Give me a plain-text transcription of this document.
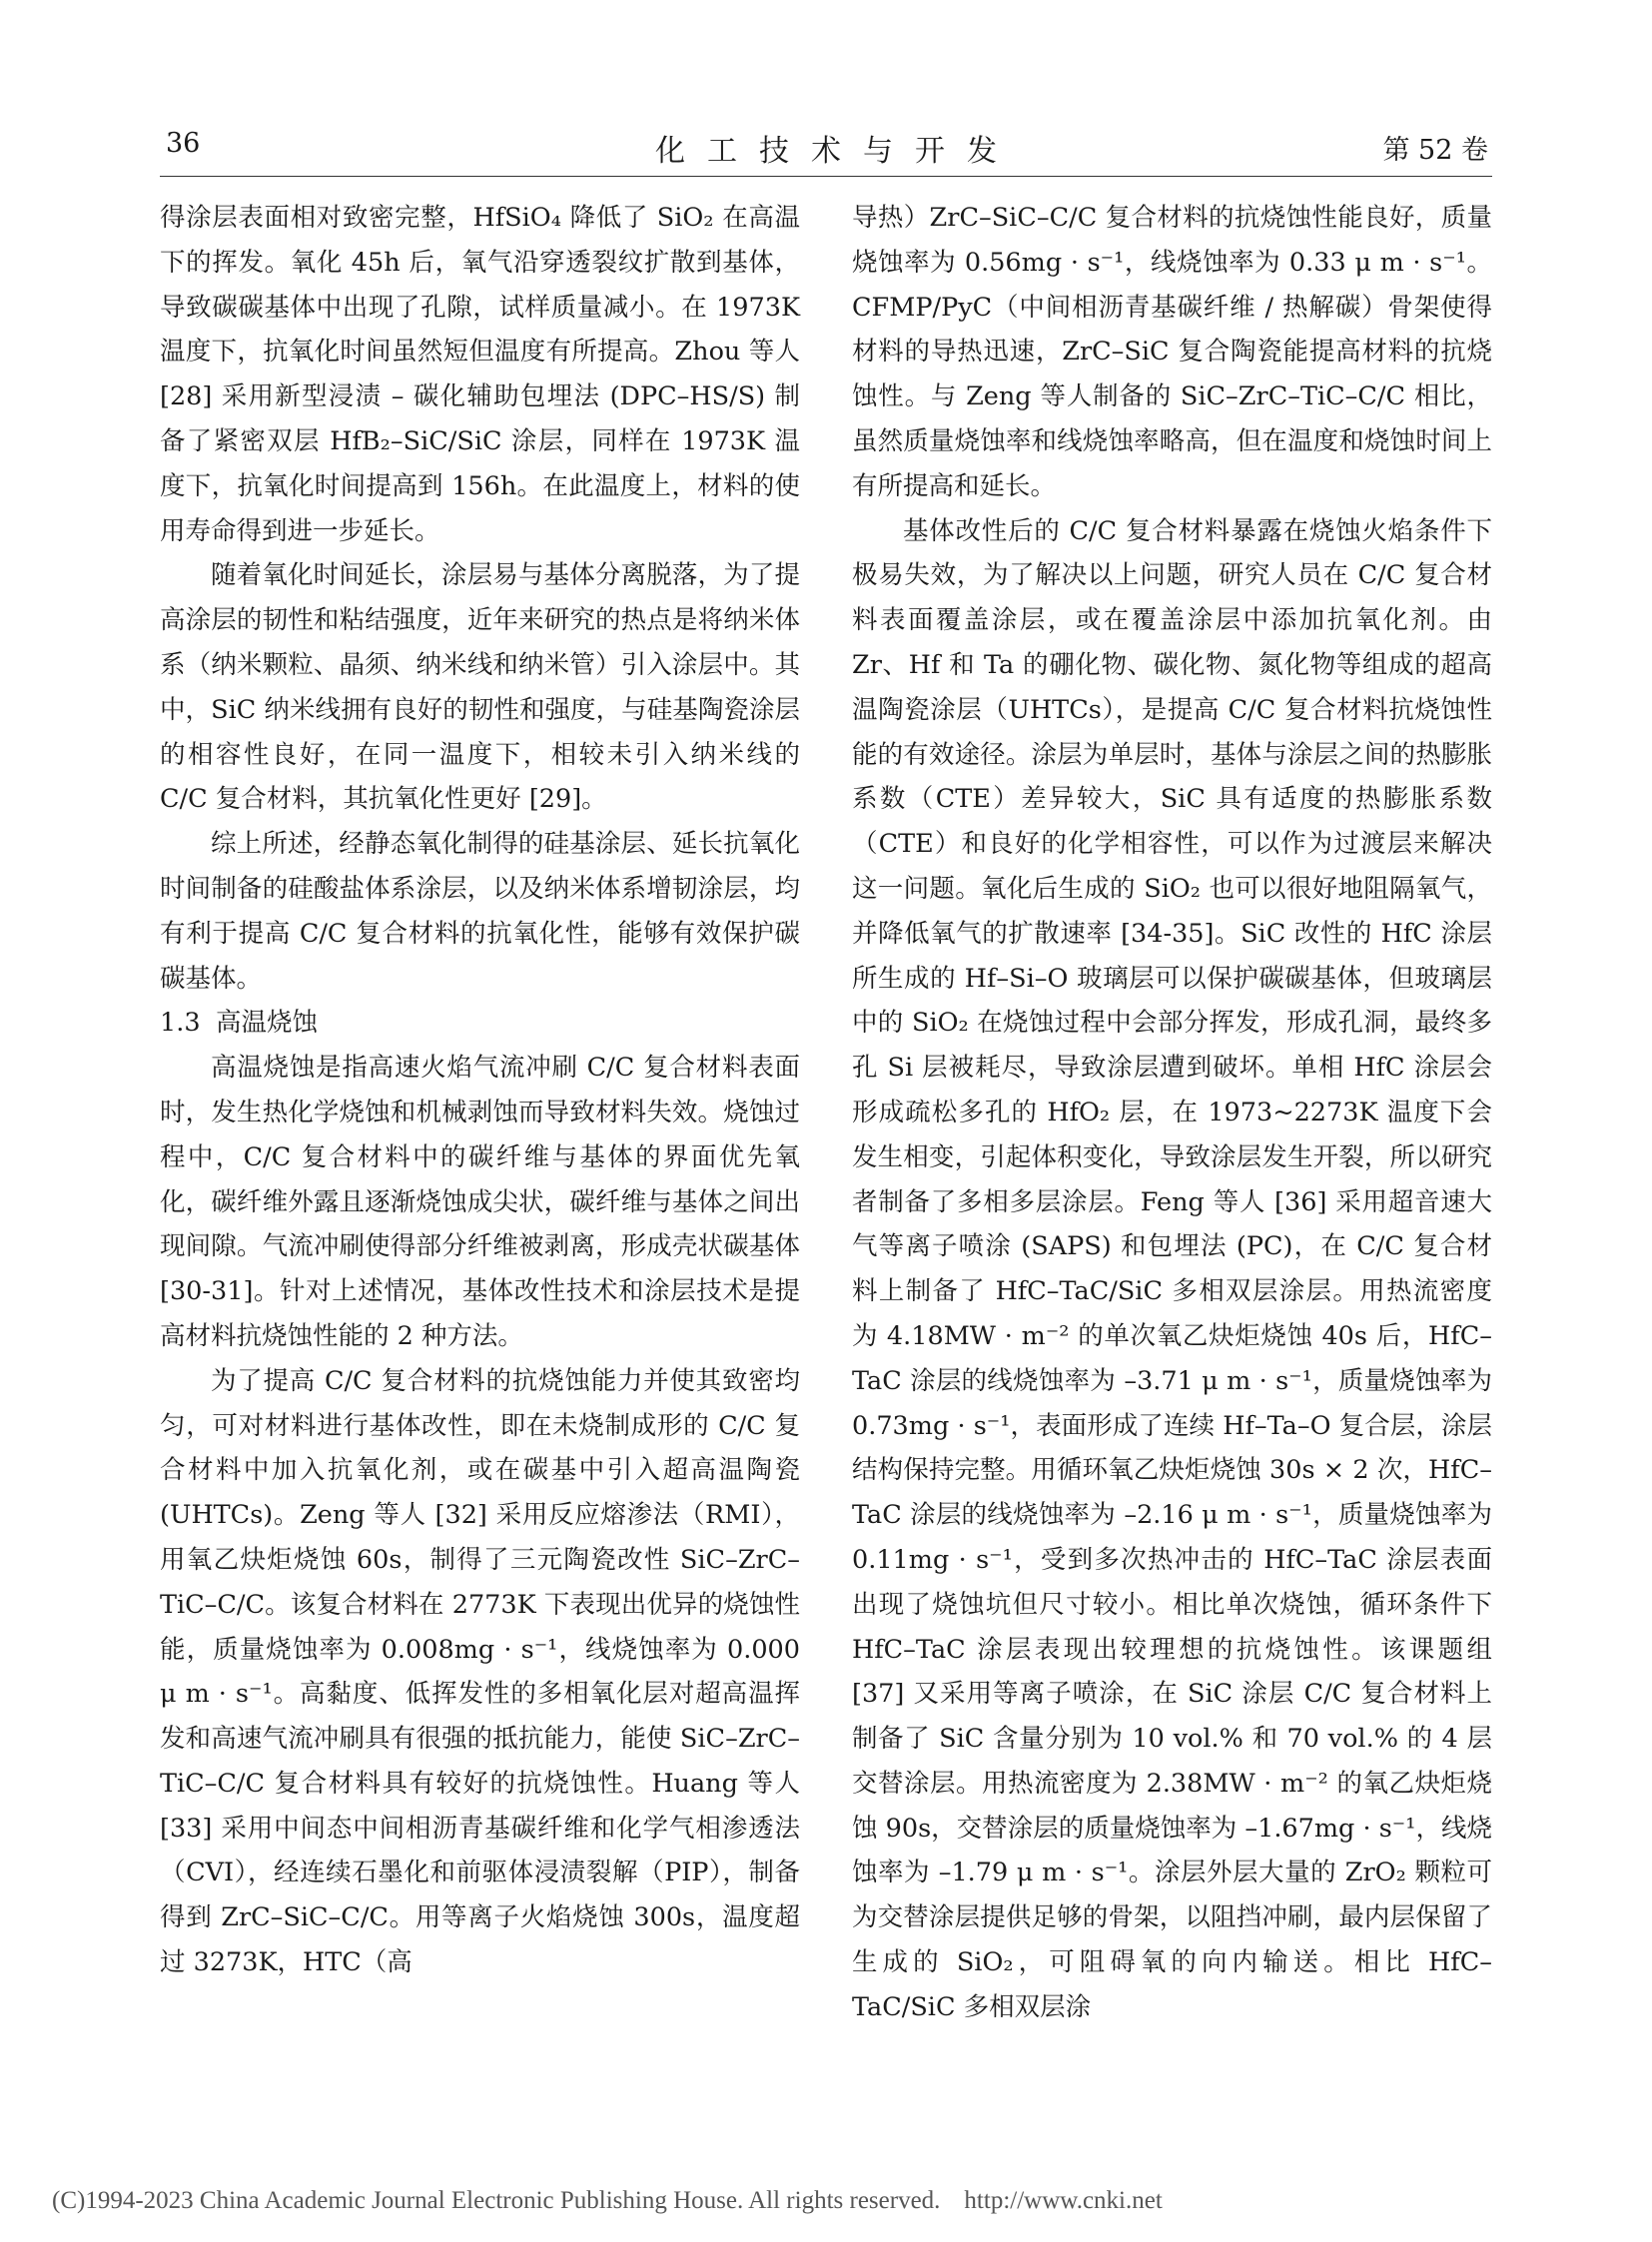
36	化工技术与开发	第 52 卷

得涂层表面相对致密完整，HfSiO₄ 降低了 SiO₂ 在高温下的挥发。氧化 45h 后，氧气沿穿透裂纹扩散到基体，导致碳碳基体中出现了孔隙，试样质量减小。在 1973K 温度下，抗氧化时间虽然短但温度有所提高。Zhou 等人 [28] 采用新型浸渍 – 碳化辅助包埋法 (DPC–HS/S) 制备了紧密双层 HfB₂–SiC/SiC 涂层，同样在 1973K 温度下，抗氧化时间提高到 156h。在此温度上，材料的使用寿命得到进一步延长。

随着氧化时间延长，涂层易与基体分离脱落，为了提高涂层的韧性和粘结强度，近年来研究的热点是将纳米体系（纳米颗粒、晶须、纳米线和纳米管）引入涂层中。其中，SiC 纳米线拥有良好的韧性和强度，与硅基陶瓷涂层的相容性良好，在同一温度下，相较未引入纳米线的 C/C 复合材料，其抗氧化性更好 [29]。

综上所述，经静态氧化制得的硅基涂层、延长抗氧化时间制备的硅酸盐体系涂层，以及纳米体系增韧涂层，均有利于提高 C/C 复合材料的抗氧化性，能够有效保护碳碳基体。

1.3 高温烧蚀

高温烧蚀是指高速火焰气流冲刷 C/C 复合材料表面时，发生热化学烧蚀和机械剥蚀而导致材料失效。烧蚀过程中，C/C 复合材料中的碳纤维与基体的界面优先氧化，碳纤维外露且逐渐烧蚀成尖状，碳纤维与基体之间出现间隙。气流冲刷使得部分纤维被剥离，形成壳状碳基体 [30-31]。针对上述情况，基体改性技术和涂层技术是提高材料抗烧蚀性能的 2 种方法。

为了提高 C/C 复合材料的抗烧蚀能力并使其致密均匀，可对材料进行基体改性，即在未烧制成形的 C/C 复合材料中加入抗氧化剂，或在碳基中引入超高温陶瓷 (UHTCs)。Zeng 等人 [32] 采用反应熔渗法（RMI），用氧乙炔炬烧蚀 60s，制得了三元陶瓷改性 SiC–ZrC–TiC–C/C。该复合材料在 2773K 下表现出优异的烧蚀性能，质量烧蚀率为 0.008mg · s⁻¹，线烧蚀率为 0.000 μ m · s⁻¹。高黏度、低挥发性的多相氧化层对超高温挥发和高速气流冲刷具有很强的抵抗能力，能使 SiC–ZrC–TiC–C/C 复合材料具有较好的抗烧蚀性。Huang 等人 [33] 采用中间态中间相沥青基碳纤维和化学气相渗透法（CVI），经连续石墨化和前驱体浸渍裂解（PIP），制备得到 ZrC–SiC–C/C。用等离子火焰烧蚀 300s，温度超过 3273K，HTC（高

导热）ZrC–SiC–C/C 复合材料的抗烧蚀性能良好，质量烧蚀率为 0.56mg · s⁻¹，线烧蚀率为 0.33 μ m · s⁻¹。CFMP/PyC（中间相沥青基碳纤维 / 热解碳）骨架使得材料的导热迅速，ZrC–SiC 复合陶瓷能提高材料的抗烧蚀性。与 Zeng 等人制备的 SiC–ZrC–TiC–C/C 相比，虽然质量烧蚀率和线烧蚀率略高，但在温度和烧蚀时间上有所提高和延长。

基体改性后的 C/C 复合材料暴露在烧蚀火焰条件下极易失效，为了解决以上问题，研究人员在 C/C 复合材料表面覆盖涂层，或在覆盖涂层中添加抗氧化剂。由 Zr、Hf 和 Ta 的硼化物、碳化物、氮化物等组成的超高温陶瓷涂层（UHTCs），是提高 C/C 复合材料抗烧蚀性能的有效途径。涂层为单层时，基体与涂层之间的热膨胀系数（CTE）差异较大，SiC 具有适度的热膨胀系数（CTE）和良好的化学相容性，可以作为过渡层来解决这一问题。氧化后生成的 SiO₂ 也可以很好地阻隔氧气，并降低氧气的扩散速率 [34-35]。SiC 改性的 HfC 涂层所生成的 Hf–Si–O 玻璃层可以保护碳碳基体，但玻璃层中的 SiO₂ 在烧蚀过程中会部分挥发，形成孔洞，最终多孔 Si 层被耗尽，导致涂层遭到破坏。单相 HfC 涂层会形成疏松多孔的 HfO₂ 层，在 1973~2273K 温度下会发生相变，引起体积变化，导致涂层发生开裂，所以研究者制备了多相多层涂层。Feng 等人 [36] 采用超音速大气等离子喷涂 (SAPS) 和包埋法 (PC)，在 C/C 复合材料上制备了 HfC–TaC/SiC 多相双层涂层。用热流密度为 4.18MW · m⁻² 的单次氧乙炔炬烧蚀 40s 后，HfC–TaC 涂层的线烧蚀率为 –3.71 μ m · s⁻¹，质量烧蚀率为 0.73mg · s⁻¹，表面形成了连续 Hf–Ta–O 复合层，涂层结构保持完整。用循环氧乙炔炬烧蚀 30s × 2 次，HfC–TaC 涂层的线烧蚀率为 –2.16 μ m · s⁻¹，质量烧蚀率为 0.11mg · s⁻¹，受到多次热冲击的 HfC–TaC 涂层表面出现了烧蚀坑但尺寸较小。相比单次烧蚀，循环条件下 HfC–TaC 涂层表现出较理想的抗烧蚀性。该课题组 [37] 又采用等离子喷涂，在 SiC 涂层 C/C 复合材料上制备了 SiC 含量分别为 10 vol.% 和 70 vol.% 的 4 层交替涂层。用热流密度为 2.38MW · m⁻² 的氧乙炔炬烧蚀 90s，交替涂层的质量烧蚀率为 –1.67mg · s⁻¹，线烧蚀率为 –1.79 μ m · s⁻¹。涂层外层大量的 ZrO₂ 颗粒可为交替涂层提供足够的骨架，以阻挡冲刷，最内层保留了生成的 SiO₂，可阻碍氧的向内输送。相比 HfC–TaC/SiC 多相双层涂

(C)1994-2023 China Academic Journal Electronic Publishing House. All rights reserved. http://www.cnki.net
